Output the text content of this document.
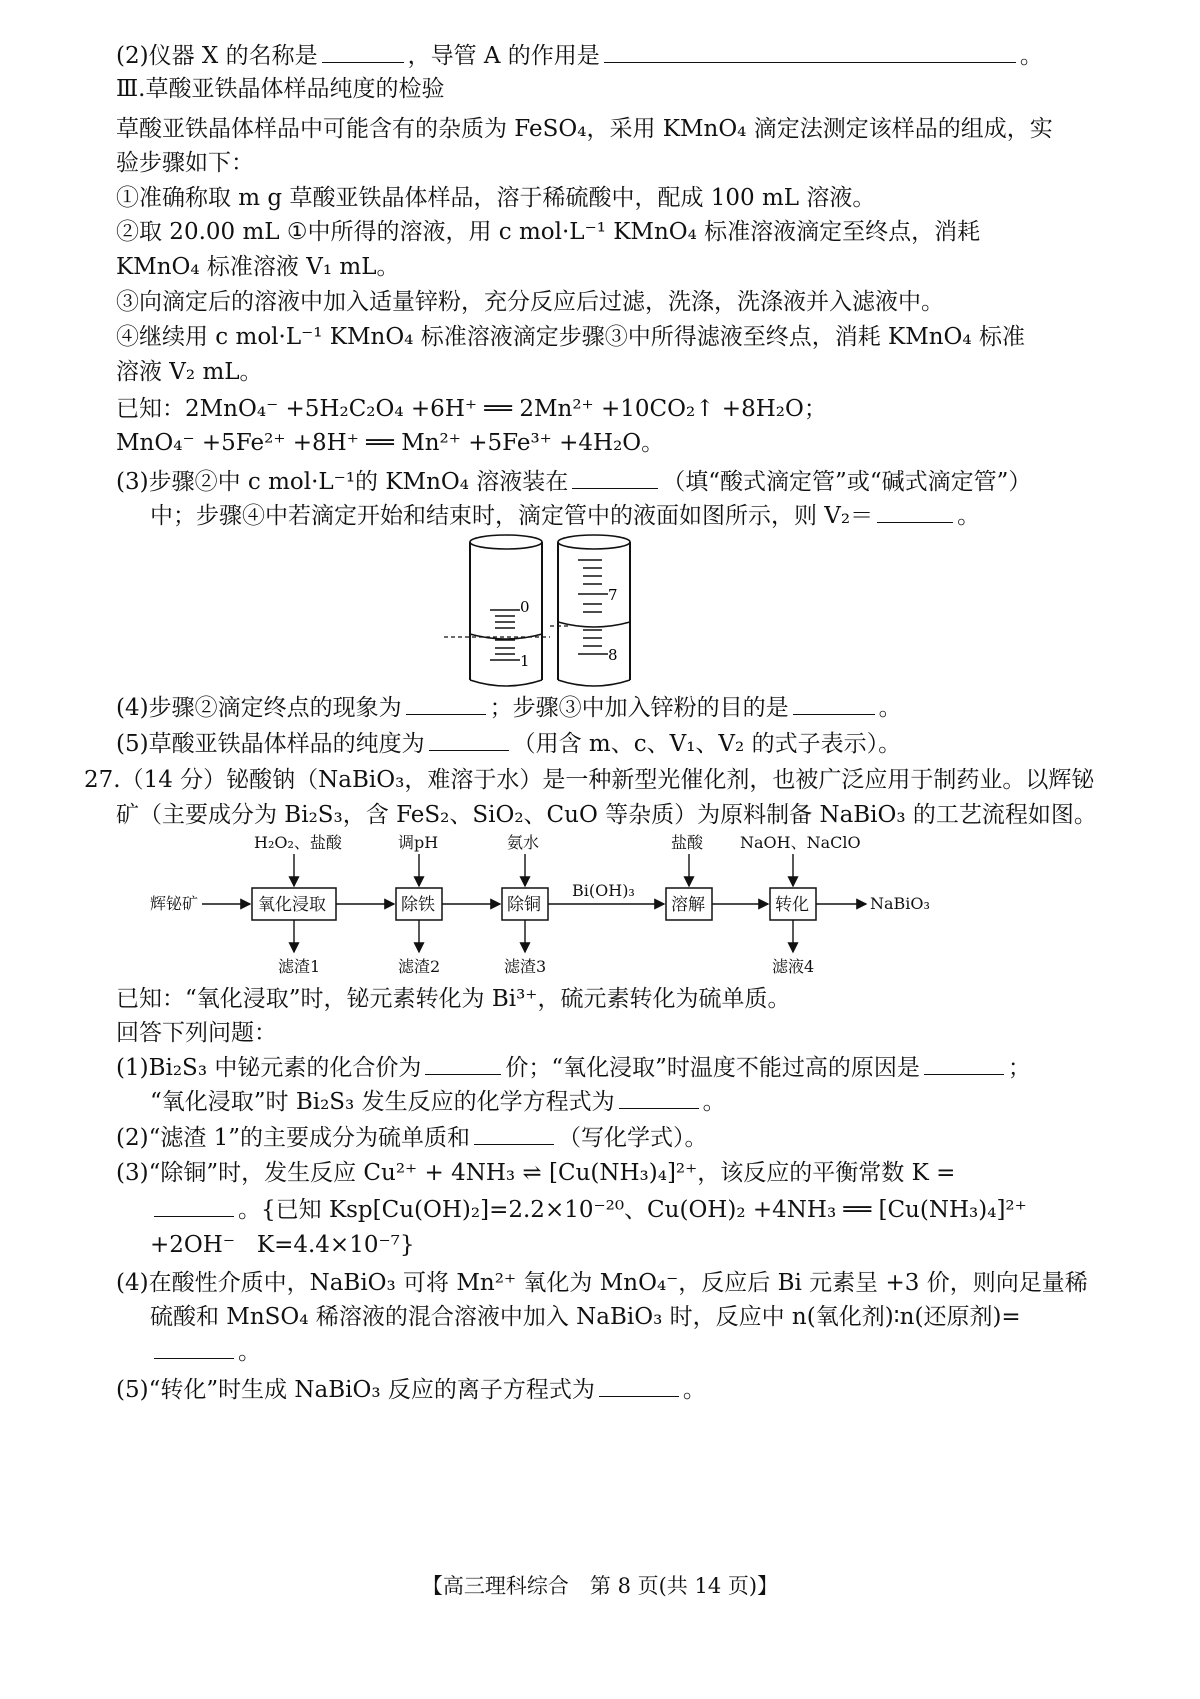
(2)仪器 X 的名称是	，导管 A 的作用是	。
Ⅲ.草酸亚铁晶体样品纯度的检验
草酸亚铁晶体样品中可能含有的杂质为 FeSO₄，采用 KMnO₄ 滴定法测定该样品的组成，实
验步骤如下：
①准确称取 m g 草酸亚铁晶体样品，溶于稀硫酸中，配成 100 mL 溶液。
②取 20.00 mL ①中所得的溶液，用 c mol·L⁻¹ KMnO₄ 标准溶液滴定至终点，消耗
KMnO₄ 标准溶液 V₁ mL。
③向滴定后的溶液中加入适量锌粉，充分反应后过滤，洗涤，洗涤液并入滤液中。
④继续用 c mol·L⁻¹ KMnO₄ 标准溶液滴定步骤③中所得滤液至终点，消耗 KMnO₄ 标准
溶液 V₂ mL。
已知：2MnO₄⁻ +5H₂C₂O₄ +6H⁺ ══ 2Mn²⁺ +10CO₂↑ +8H₂O；
MnO₄⁻ +5Fe²⁺ +8H⁺ ══ Mn²⁺ +5Fe³⁺ +4H₂O。
(3)步骤②中 c mol·L⁻¹的 KMnO₄ 溶液装在	（填“酸式滴定管”或“碱式滴定管”）
中；步骤④中若滴定开始和结束时，滴定管中的液面如图所示，则 V₂＝	。
0
1
7
8
(4)步骤②滴定终点的现象为	；步骤③中加入锌粉的目的是	。
(5)草酸亚铁晶体样品的纯度为	（用含 m、c、V₁、V₂ 的式子表示）。
27.（14 分）铋酸钠（NaBiO₃，难溶于水）是一种新型光催化剂，也被广泛应用于制药业。以辉铋
矿（主要成分为 Bi₂S₃，含 FeS₂、SiO₂、CuO 等杂质）为原料制备 NaBiO₃ 的工艺流程如图。
辉铋矿	氧化浸取	除铁	除铜	溶解	转化
Bi(OH)₃
NaBiO₃
H₂O₂、盐酸	调pH	氨水	盐酸 NaOH、NaClO
滤渣1	滤渣2	滤渣3	滤液4
已知：“氧化浸取”时，铋元素转化为 Bi³⁺，硫元素转化为硫单质。
回答下列问题：
(1)Bi₂S₃ 中铋元素的化合价为	价；“氧化浸取”时温度不能过高的原因是	；
“氧化浸取”时 Bi₂S₃ 发生反应的化学方程式为	。
(2)“滤渣 1”的主要成分为硫单质和	（写化学式）。
(3)“除铜”时，发生反应 Cu²⁺ + 4NH₃ ⇌ [Cu(NH₃)₄]²⁺，该反应的平衡常数 K =
。{已知 Ksp[Cu(OH)₂]=2.2×10⁻²⁰、Cu(OH)₂ +4NH₃ ══ [Cu(NH₃)₄]²⁺
+2OH⁻   K=4.4×10⁻⁷}
(4)在酸性介质中，NaBiO₃ 可将 Mn²⁺ 氧化为 MnO₄⁻，反应后 Bi 元素呈 +3 价，则向足量稀
硫酸和 MnSO₄ 稀溶液的混合溶液中加入 NaBiO₃ 时，反应中 n(氧化剂)∶n(还原剂)=
。
(5)“转化”时生成 NaBiO₃ 反应的离子方程式为	。
【高三理科综合　第 8 页(共 14 页)】
